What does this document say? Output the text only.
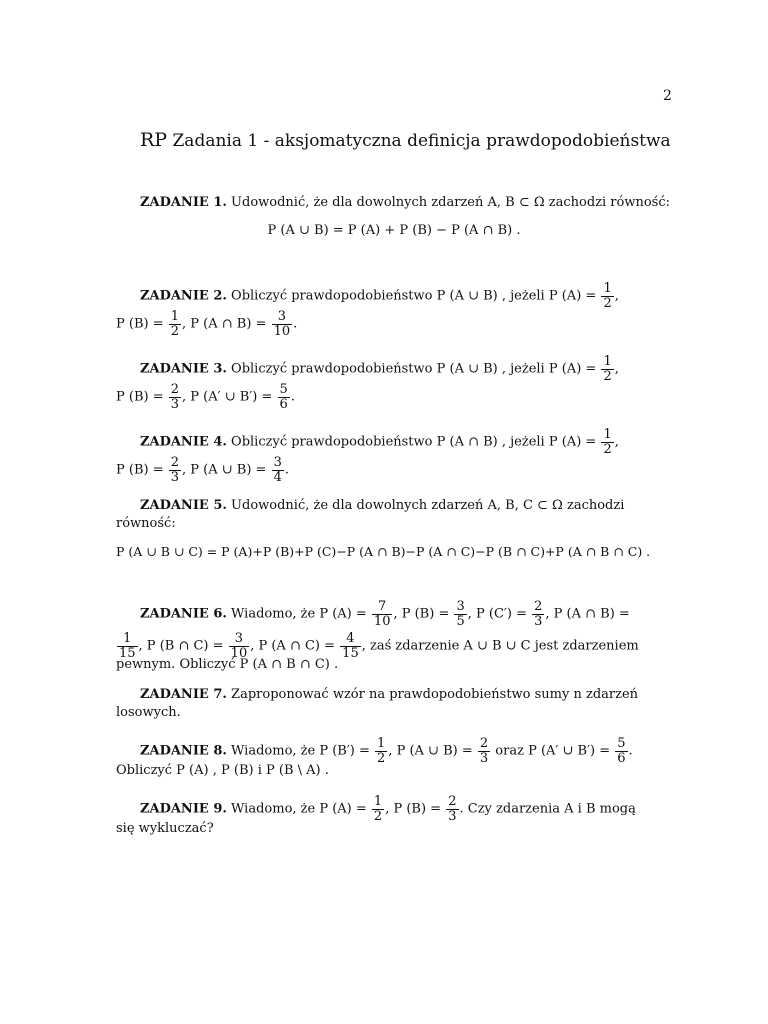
2
RP Zadania 1 - aksjomatyczna definicja prawdopodobieństwa
ZADANIE 1. Udowodnić, że dla dowolnych zdarzeń A, B ⊂ Ω zachodzi równość:
P (A ∪ B) = P (A) + P (B) − P (A ∩ B) .
ZADANIE 2. Obliczyć prawdopodobieństwo P (A ∪ B) , jeżeli P $(A) = \frac{1}{2}$ ,
P $(B) = \frac{1}{2}$ , P (A ∩ $B) = \frac{3}{10}$ .
ZADANIE 3. Obliczyć prawdopodobieństwo P (A ∪ B) , jeżeli P $(A) = \frac{1}{2}$ ,
P $(B) = \frac{2}{3}$ , P (A′ ∪ $B') = \frac{5}{6}$ .
ZADANIE 4. Obliczyć prawdopodobieństwo P (A ∩ B) , jeżeli P $(A) = \frac{1}{2}$ ,
P $(B) = \frac{2}{3}$ , P (A ∪ $B) = \frac{3}{4}$ .
ZADANIE 5. Udowodnić, że dla dowolnych zdarzeń A, B, C ⊂ Ω zachodzi
równość:
P (A ∪ B ∪ C) = P (A)+P (B)+P (C)−P (A ∩ B)−P (A ∩ C)−P (B ∩ C)+P (A ∩ B ∩ C) .
ZADANIE 6. Wiadomo, że P $(A) = \frac{7}{10}$ , P $(B) = \frac{3}{5}$ , P $(C') = \frac{2}{3}$ , P (A ∩ B) =
$\frac{1}{15}$ , P (B ∩ $C) = \frac{3}{10}$ , P (A ∩ $C) = \frac{4}{15}$ , zaś zdarzenie A ∪ B ∪ C jest zdarzeniem
pewnym. Obliczyć P (A ∩ B ∩ C) .
ZADANIE 7. Zaproponować wzór na prawdopodobieństwo sumy n zdarzeń
losowych.
ZADANIE 8. Wiadomo, że P $(B') = \frac{1}{2}$ , P (A ∪ $B) = \frac{2}{3}$ oraz P (A′ ∪ $B') = \frac{5}{6}$ .
Obliczyć P (A) , P (B) i P (B \ A) .
ZADANIE 9. Wiadomo, że P $(A) = \frac{1}{2}$ , P $(B) = \frac{2}{3}$ . Czy zdarzenia A i B mogą
się wykluczać?
